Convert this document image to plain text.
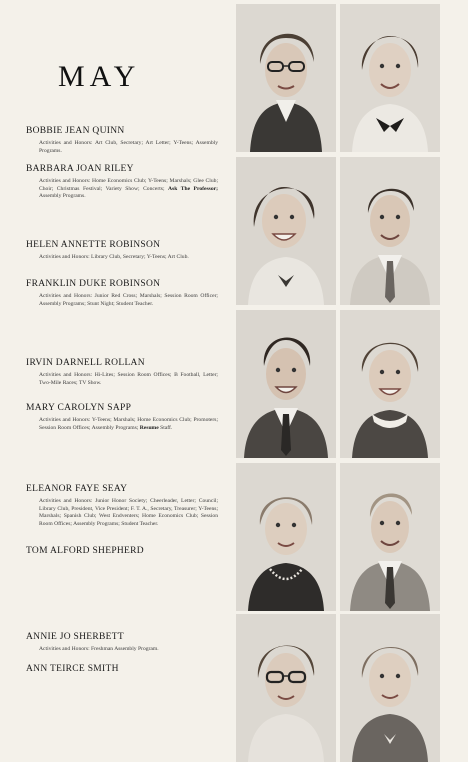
MAY
BOBBIE JEAN QUINN
Activities and Honors: Art Club, Secretary; Art Letter; Y-Teens; Assembly Programs.
BARBARA JOAN RILEY
Activities and Honors: Home Economics Club; Y-Teens; Marshals; Glee Club; Choir; Christmas Festival; Variety Show; Concerts; Ask The Professor; Assembly Programs.
HELEN ANNETTE ROBINSON
Activities and Honors: Library Club, Secretary; Y-Teens; Art Club.
FRANKLIN DUKE ROBINSON
Activities and Honors: Junior Red Cross; Marshals; Session Room Officer; Assembly Programs; Stunt Night; Student Teacher.
IRVIN DARNELL ROLLAN
Activities and Honors: Hi-Lites; Session Room Offices; B Football, Letter; Two-Mile Races; TV Show.
MARY CAROLYN SAPP
Activities and Honors: Y-Teens; Marshals; Home Economics Club; Promoters; Session Room Offices; Assembly Programs; Resume Staff.
ELEANOR FAYE SEAY
Activities and Honors: Junior Honor Society; Cheerleader, Letter; Council; Library Club, President, Vice President; F. T. A., Secretary, Treasurer; Y-Teens; Marshals; Spanish Club; West Endventers; Home Economics Club; Session Room Offices; Assembly Programs; Student Teacher.
TOM ALFORD SHEPHERD
ANNIE JO SHERBETT
Activities and Honors: Freshman Assembly Program.
ANN TEIRCE SMITH
